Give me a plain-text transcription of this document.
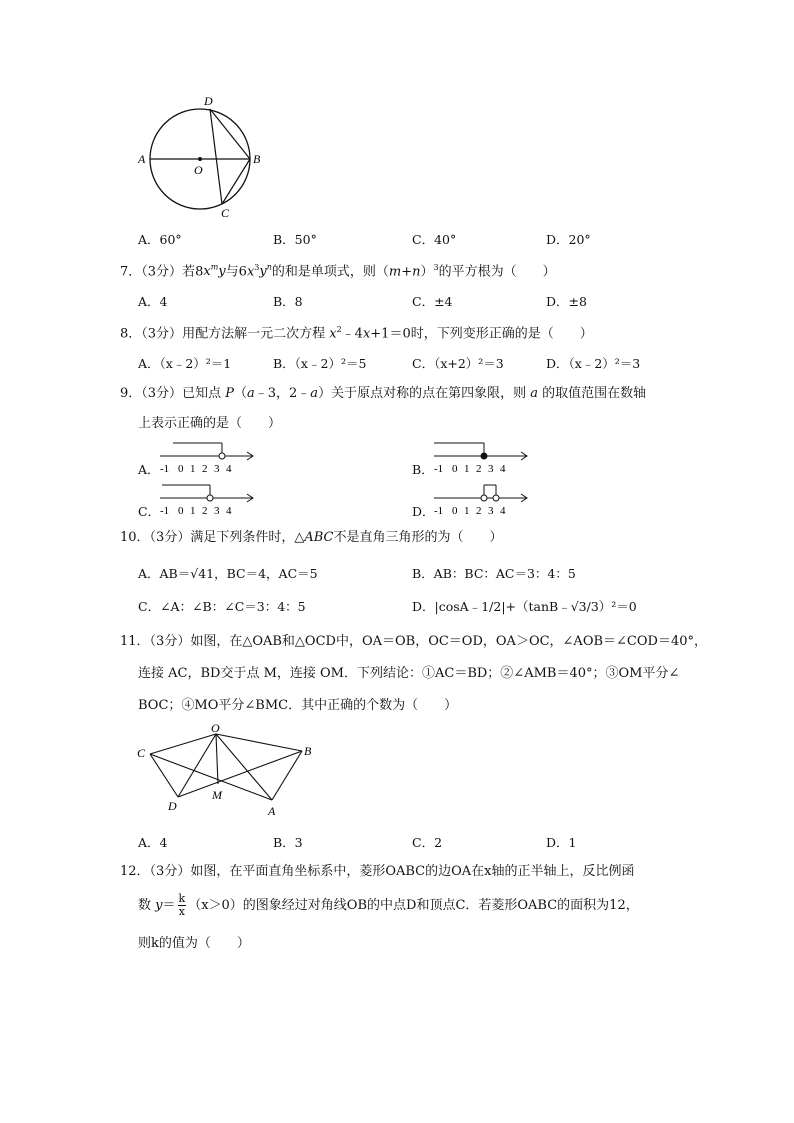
D
A
O
B
C
A．60°	B．50°	C．40°	D．20°
7．（3分）若$8x^my$与$6x^3y^n$的和是单项式，则$(m+n)^3$的平方根为（　　）
A．4	B．8	C．±4	D．±8
8．（3分）用配方法解一元二次方程 $x^2﹣4x+1=0$时，下列变形正确的是（　　）
A．（x﹣2）²＝1	B．（x﹣2）²＝5	C．（x+2）²＝3	D．（x﹣2）²＝3
9．（3分）已知点 P（a﹣3，2﹣a）关于原点对称的点在第四象限，则 a 的取值范围在数轴
上表示正确的是（　　）
A． -1 0 1 2 3 4	B． -1 0 1 2 3 4
C． -1 0 1 2 3 4	D． -1 0 1 2 3 4
10．（3分）满足下列条件时，△ABC不是直角三角形的为（　　）
A．AB＝√41，BC＝4，AC＝5	B．AB：BC：AC＝3：4：5
C．∠A：∠B：∠C＝3：4：5	D．|cosA﹣1/2|+（tanB﹣√3/3）²＝0
11．（3分）如图，在△OAB和△OCD中，OA＝OB，OC＝OD，OA＞OC，∠AOB＝∠COD＝40°，
连接 AC，BD交于点 M，连接 OM．下列结论：①AC＝BD；②∠AMB＝40°；③OM平分∠
BOC；④MO平分∠BMC．其中正确的个数为（　　）
O
C	B
D
M
A
A．4	B．3	C．2	D．1
12．（3分）如图，在平面直角坐标系中，菱形OABC的边OA在x轴的正半轴上，反比例函
数 $y= \frac{k}{x} (x>0)$的图象经过对角线OB的中点D和顶点C．若菱形OABC的面积为12，
则k的值为（　　）
